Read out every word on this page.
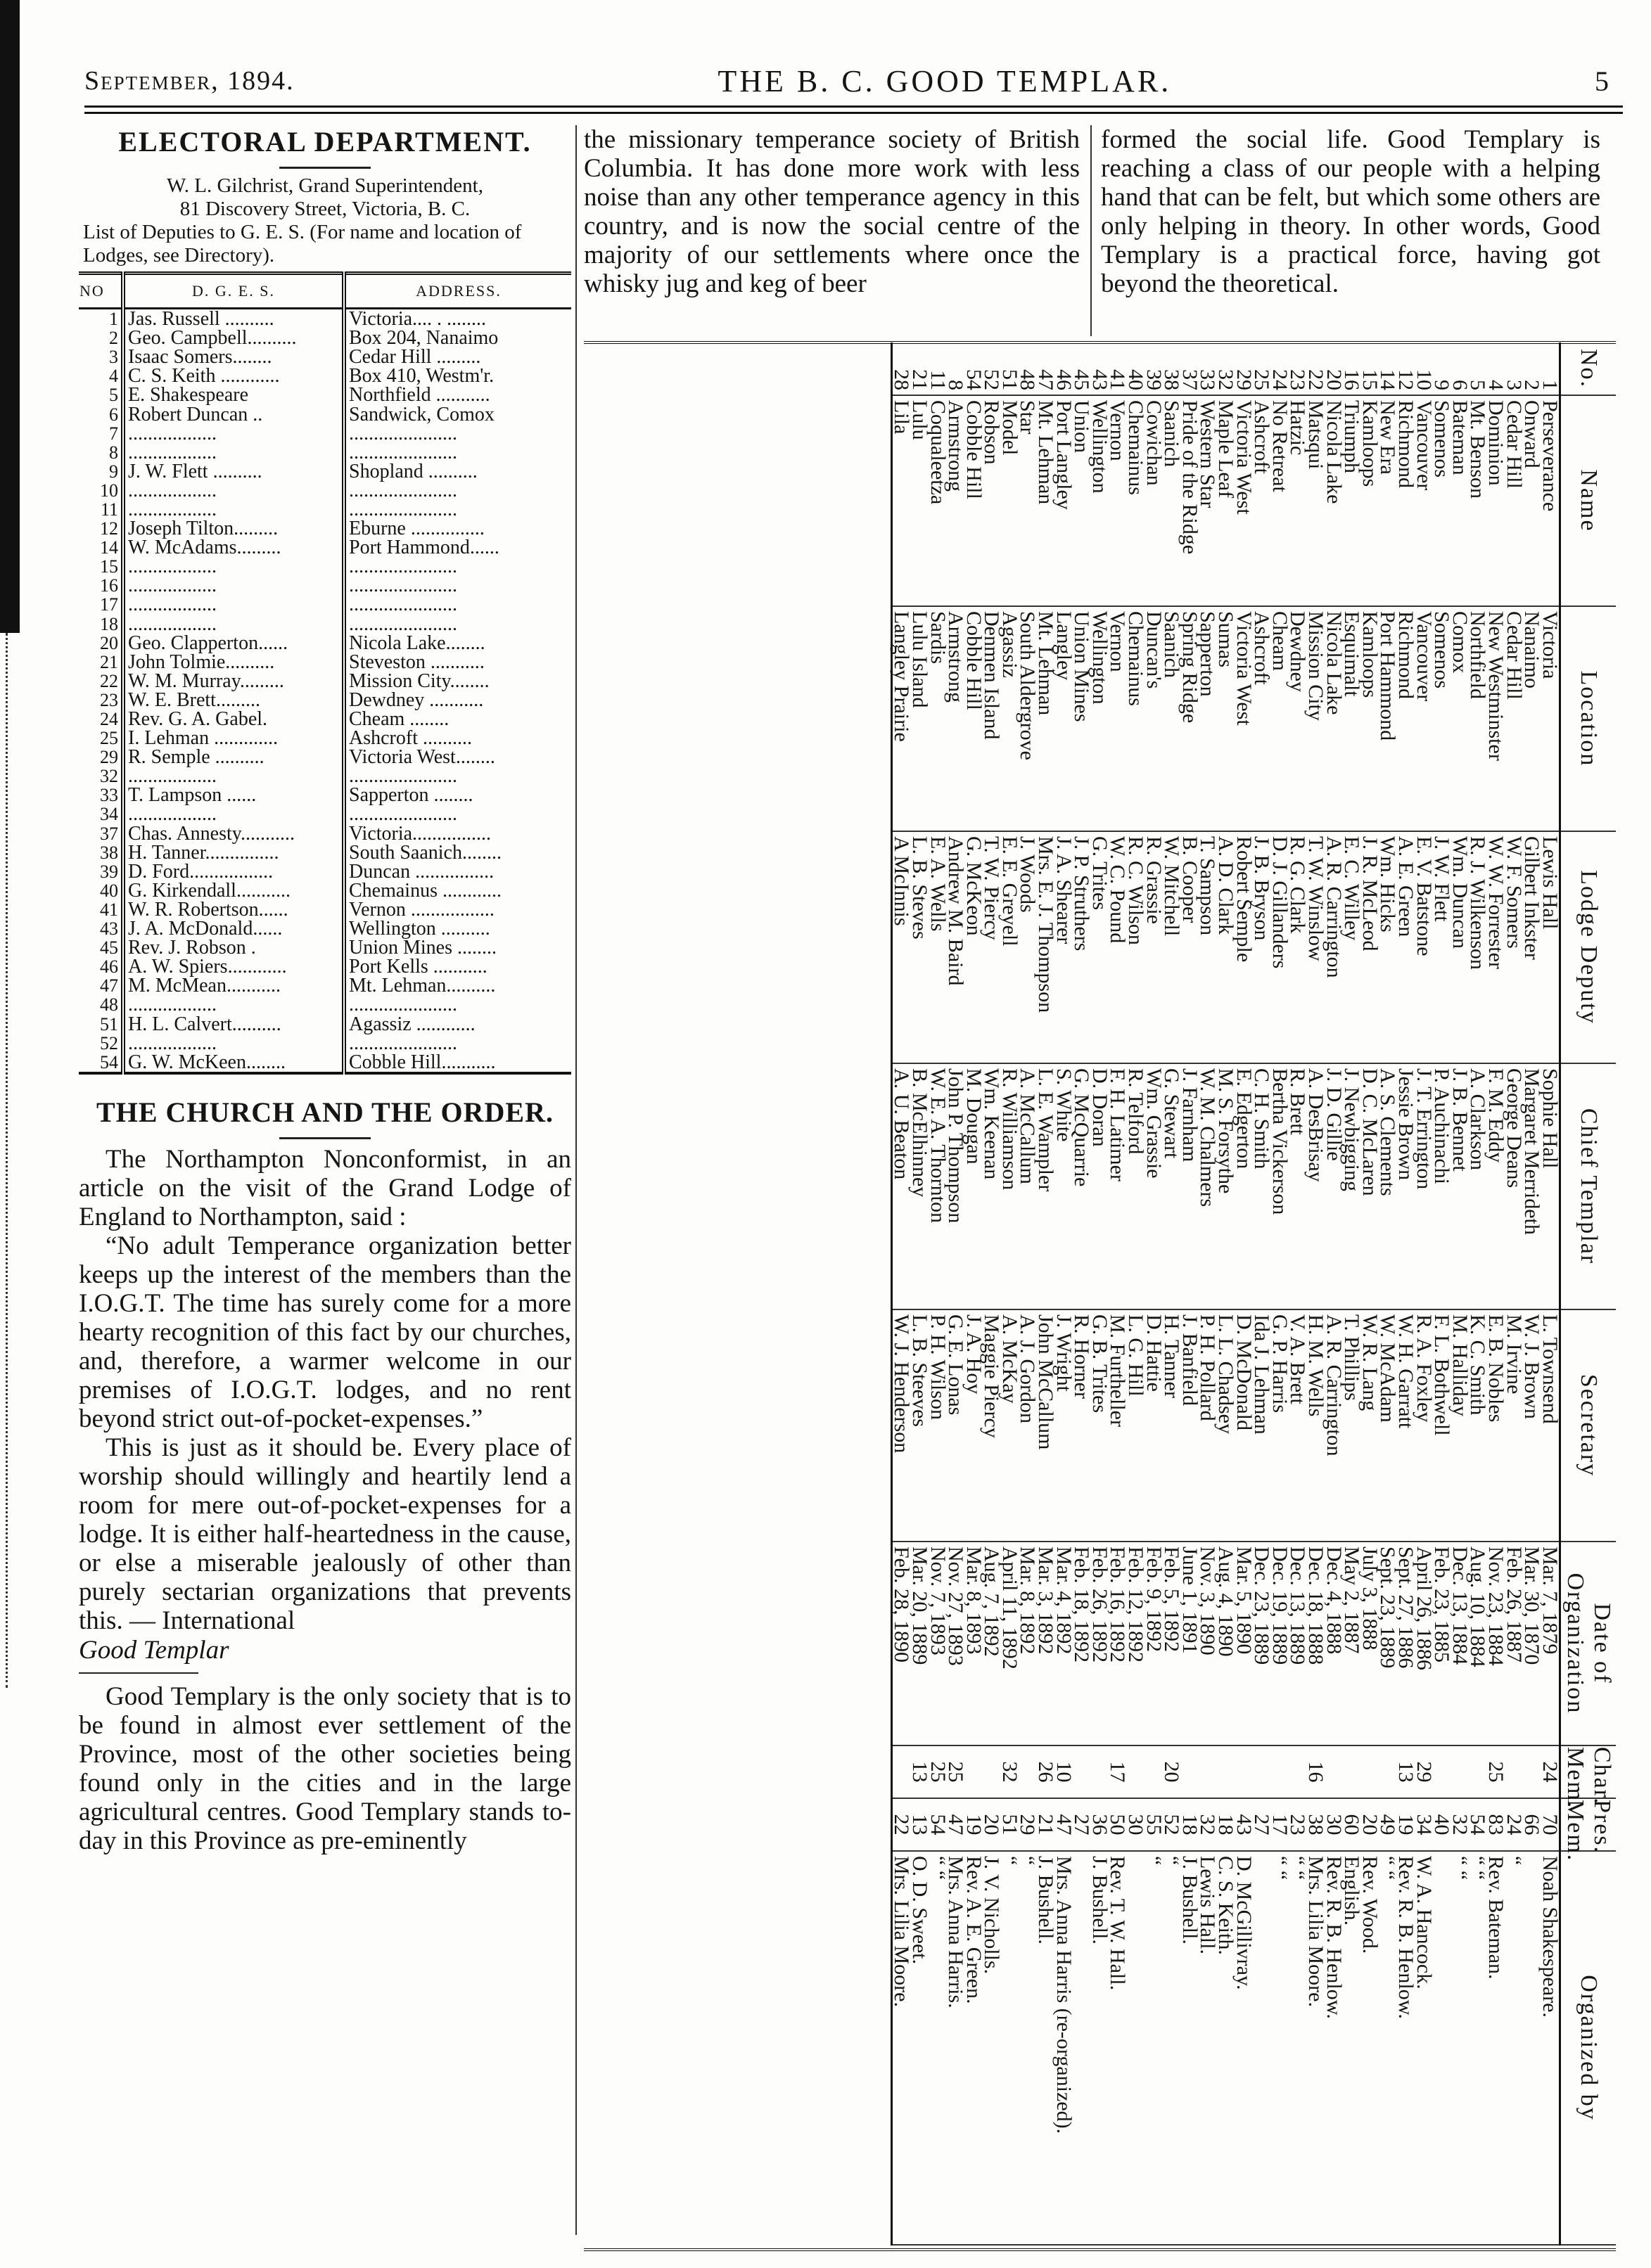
September, 1894.	THE B. C. GOOD TEMPLAR.	5
ELECTORAL DEPARTMENT.

W. L. Gilchrist, Grand Superintendent,

81 Discovery Street, Victoria, B. C.

List of Deputies to G. E. S. (For name and location of Lodges, see Directory).

NO	D. G. E. S.	ADDRESS.
1	Jas. Russell ..........	Victoria.... . ........
2	Geo. Campbell..........	Box 204, Nanaimo
3	Isaac Somers........	Cedar Hill .........
4	C. S. Keith ............	Box 410, Westm'r.
5	E. Shakespeare	Northfield ...........
6	Robert Duncan ..	Sandwick, Comox
7	..................	......................
8	..................	......................
9	J. W. Flett ..........	Shopland ..........
10	..................	......................
11	..................	......................
12	Joseph Tilton.........	Eburne ...............
14	W. McAdams.........	Port Hammond......
15	..................	......................
16	..................	......................
17	..................	......................
18	..................	......................
20	Geo. Clapperton......	Nicola Lake........
21	John Tolmie..........	Steveston ...........
22	W. M. Murray.........	Mission City........
23	W. E. Brett.........	Dewdney ...........
24	Rev. G. A. Gabel.	Cheam ........
25	I. Lehman .............	Ashcroft ..........
29	R. Semple ..........	Victoria West........
32	..................	......................
33	T. Lampson ......	Sapperton ........
34	..................	......................
37	Chas. Annesty...........	Victoria................
38	H. Tanner...............	South Saanich........
39	D. Ford.................	Duncan ................
40	G. Kirkendall...........	Chemainus ............
41	W. R. Robertson......	Vernon .................
43	J. A. McDonald......	Wellington ..........
45	Rev. J. Robson .	Union Mines ........
46	A. W. Spiers............	Port Kells ...........
47	M. McMean...........	Mt. Lehman..........
48	..................	......................
51	H. L. Calvert..........	Agassiz ............
52	..................	......................
54	G. W. McKeen........	Cobble Hill...........
THE CHURCH AND THE ORDER.

The Northampton Nonconformist, in an article on the visit of the Grand Lodge of England to Northampton, said :

“No adult Temperance organization better keeps up the interest of the members than the I.O.G.T. The time has surely come for a more hearty recognition of this fact by our churches, and, therefore, a warmer welcome in our premises of I.O.G.T. lodges, and no rent beyond strict out-of-pocket-expenses.”

This is just as it should be. Every place of worship should willingly and heartily lend a room for mere out-of-pocket-expenses for a lodge. It is either half-heartedness in the cause, or else a miserable jealously of other than purely sectarian organizations that prevents this. — International

Good Templar

Good Templary is the only society that is to be found in almost ever settlement of the Province, most of the other societies being found only in the cities and in the large agricultural centres. Good Templary stands to-day in this Province as pre-eminently

the missionary temperance society of British Columbia. It has done more work with less noise than any other temperance agency in this country, and is now the social centre of the majority of our settlements where once the whisky jug and keg of beer
formed the social life. Good Templary is reaching a class of our people with a helping hand that can be felt, but which some others are only helping in theory. In other words, Good Templary is a practical force, having got beyond the theoretical.
No.	Name	Location	Lodge Deputy	Chief Templar	Secretary	Date of Organization	Char. Mem.	Pres. Mem.	Organized by
1	Perseverance	Victoria	Lewis Hall	Sophie Hall	L. Townsend	Mar. 7, 1879	24	70	Noah Shakespeare.
2	Onward	Nanaimo	Gilbert Inkster	Margaret Merrideth	W. J. Brown	Mar. 30, 1870		66	
3	Cedar Hill	Cedar Hill	W. F. Somers	George Deans	M. Irvine	Feb. 26, 1887		24	“
4	Dominion	New Westminster	W. W. Forrester	F. M. Eddy	E. B. Nobles	Nov. 23, 1884	25	83	Rev. Bateman.
5	Mt. Benson	Northfield	R. J. Wilkenson	A. Clarkson	K. C. Smith	Aug. 10, 1884		54	“ “
6	Bateman	Comox	Wm. Duncan	J. B. Bennet	M. Halliday	Dec. 13, 1884		32	“ “
9	Somenos	Somenos	J. W. Flett	P. Auchinachi	F. L. Bothwell	Feb. 23, 1885		40	
10	Vancouver	Vancouver	E. V. Batstone	J. T. Errington	R. A. Foxley	April 26, 1886	29	34	W. A. Hancock.
12	Richmond	Richmond	A. E. Green	Jessie Brown	W. H. Garratt	Sept. 27, 1886	13	19	Rev. R. B. Henlow.
14	New Era	Port Hammond	Wm. Hicks	A. S. Clements	W. McAdam	Sept. 23, 1889		49	“ “
15	Kamloops	Kamloops	J. R. McLeod	D. C. McLaren	W. R. Lang	July 3, 1888		20	Rev. Wood.
16	Triumph	Esquimalt	E. C. Willey	J. Newbigging	T. Phillips	May 2, 1887		60	English.
20	Nicola Lake	Nicola Lake	A. R. Carrington	J. D. Gillie	A. R. Carrington	Dec. 4, 1888		30	Rev. R. B. Henlow.
22	Matsqui	Mission City	T. W. Winslow	A. DesBrisay	H. M. Wells	Dec. 18, 1888	16	38	Mrs. Lilia Moore.
23	Hatzic	Dewdney	R. G. Clark	R. Brett	V. A. Brett	Dec. 13, 1889		23	“ “
24	No Retreat	Cheam	D. J. Gillanders	Bertha Vickerson	G. P. Harris	Dec. 19, 1889		17	“ “
25	Ashcroft	Ashcroft	J. B. Bryson	C. H. Smith	Ida J. Lehman	Dec. 23, 1889		27	
29	Victoria West	Victoria West	Robert Semple	E. Edgerton	D. McDonald	Mar. 5, 1890		43	D. McGillivray.
32	Maple Leaf	Sumas	A. D. Clark	M. S. Forsythe	L. L. Chadsey	Aug. 4, 1890		18	C. S. Keith.
33	Western Star	Sapperton	T. Sampson	W. M. Chalmers	P. H. Pollard	Nov. 3, 1890		32	Lewis Hall.
37	Pride of the Ridge	Spring Ridge	B. Cooper	J. Farnham	J. Banfield	June 1, 1891		18	J. Bushell.
38	Saanich	Saanich	W. Mitchell	G. Stewart	H. Tanner	Feb. 5, 1892	20	52	“
39	Cowichan	Duncan's	R. Grassie	Wm. Grassie	D. Hattie	Feb. 9, 1892		55	“
40	Chemainus	Chemainus	R. C. Wilson	R. Telford	L. G. Hill	Feb. 12, 1892		30	
41	Vernon	Vernon	W. C. Pound	F. H. Latimer	M. Furtheller	Feb. 16, 1892	17	50	Rev. T. W. Hall.
43	Wellington	Wellington	G. Trites	D. Doran	G. B. Trites	Feb. 26, 1892		36	J. Bushell.
45	Union	Union Mines	J. P. Struthers	G. McQuarrie	R. Horner	Feb. 18, 1892		27	
46	Port Langley	Langley	J. A. Shearer	S. White	J. Wright	Mar. 4, 1892	10	47	Mrs. Anna Harris (re-organized).
47	Mt. Lehman	Mt. Lehman	Mrs. E. J. Thompson	L. E. Wampler	John McCallum	Mar. 3, 1892	26	21	J. Bushell.
48	Star	South Aldergrove	J. Woods	A. McCallum	A. J. Gordon	Mar. 8, 1892		29	“
51	Model	Agassiz	E. E. Greyell	R. Williamson	A. McKay	April 11, 1892	32	51	“
52	Robson	Denmen Island	T. W. Piercy	Wm. Keenan	Maggie Piercy	Aug. 7, 1892		20	J. V. Nicholls.
54	Cobble Hill	Cobble Hill	G. McKeon	M. Dougan	J. A. Hoy	Mar. 8, 1893		19	Rev. A. E. Green.
8	Armstrong	Armstrong	Andrew M. Baird	John P. Thompson	G. E. Lonas	Nov. 27, 1893	25	47	Mrs. Anna Harris.
11	Coqualeetza	Sardis	E. A. Wells	W. E. A. Thornton	P. H. Wilson	Nov. 7, 1893	25	54	“ “
21	Lulu	Lulu Island	L. B. Steves	B. McElhinney	L. B. Steeves	Mar. 20, 1889	13	13	O. D. Sweet.
28	Lila	Langley Prairie	A McInnis	A. U. Beaton	W. J. Henderson	Feb. 28, 1890		22	Mrs. Lilia Moore.
